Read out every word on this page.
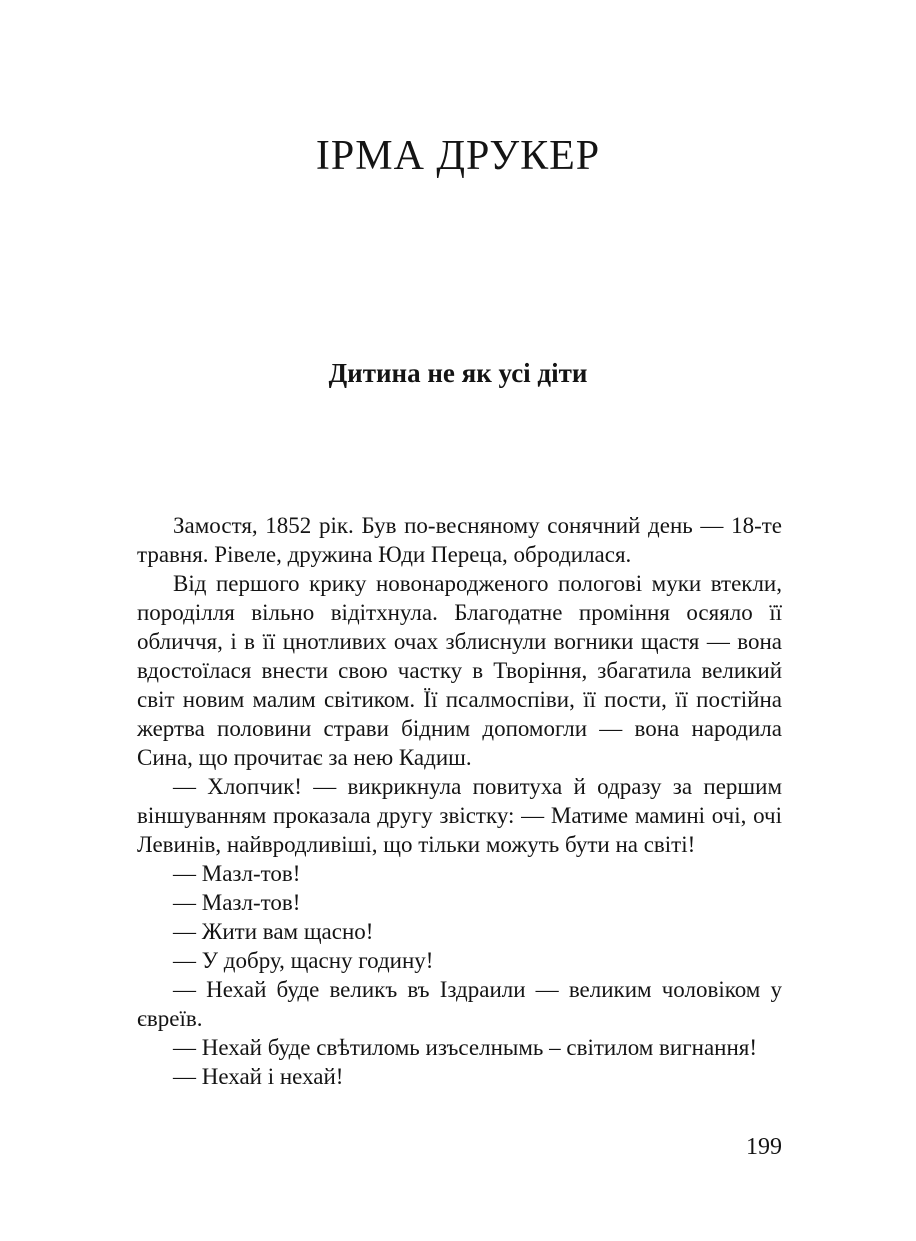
ІРМА ДРУКЕР
Дитина не як усі діти

Замостя, 1852 рік. Був по-весняному сонячний день — 18-те травня. Рівеле, дружина Юди Переца, обродилася.

Від першого крику новонародженого пологові муки втекли, породілля вільно відітхнула. Благодатне проміння осяяло її обличчя, і в її цнотливих очах зблиснули вогники щастя — вона вдостоїлася внести свою частку в Творіння, збагатила великий світ новим малим світиком. Її псалмоспіви, її пости, її постійна жертва половини страви бідним допомогли — вона народила Сина, що прочитає за нею Кадиш.

— Хлопчик! — викрикнула повитуха й одразу за першим віншуванням проказала другу звістку: — Матиме мамині очі, очі Левинів, найвродливіші, що тільки можуть бути на світі!

— Мазл-тов!

— Мазл-тов!

— Жити вам щасно!

— У добру, щасну годину!

— Нехай буде великъ въ Іздраили — великим чоловіком у євреїв.

— Нехай буде свѣтиломь изъселнымь – світилом вигнання!

— Нехай і нехай!

199
